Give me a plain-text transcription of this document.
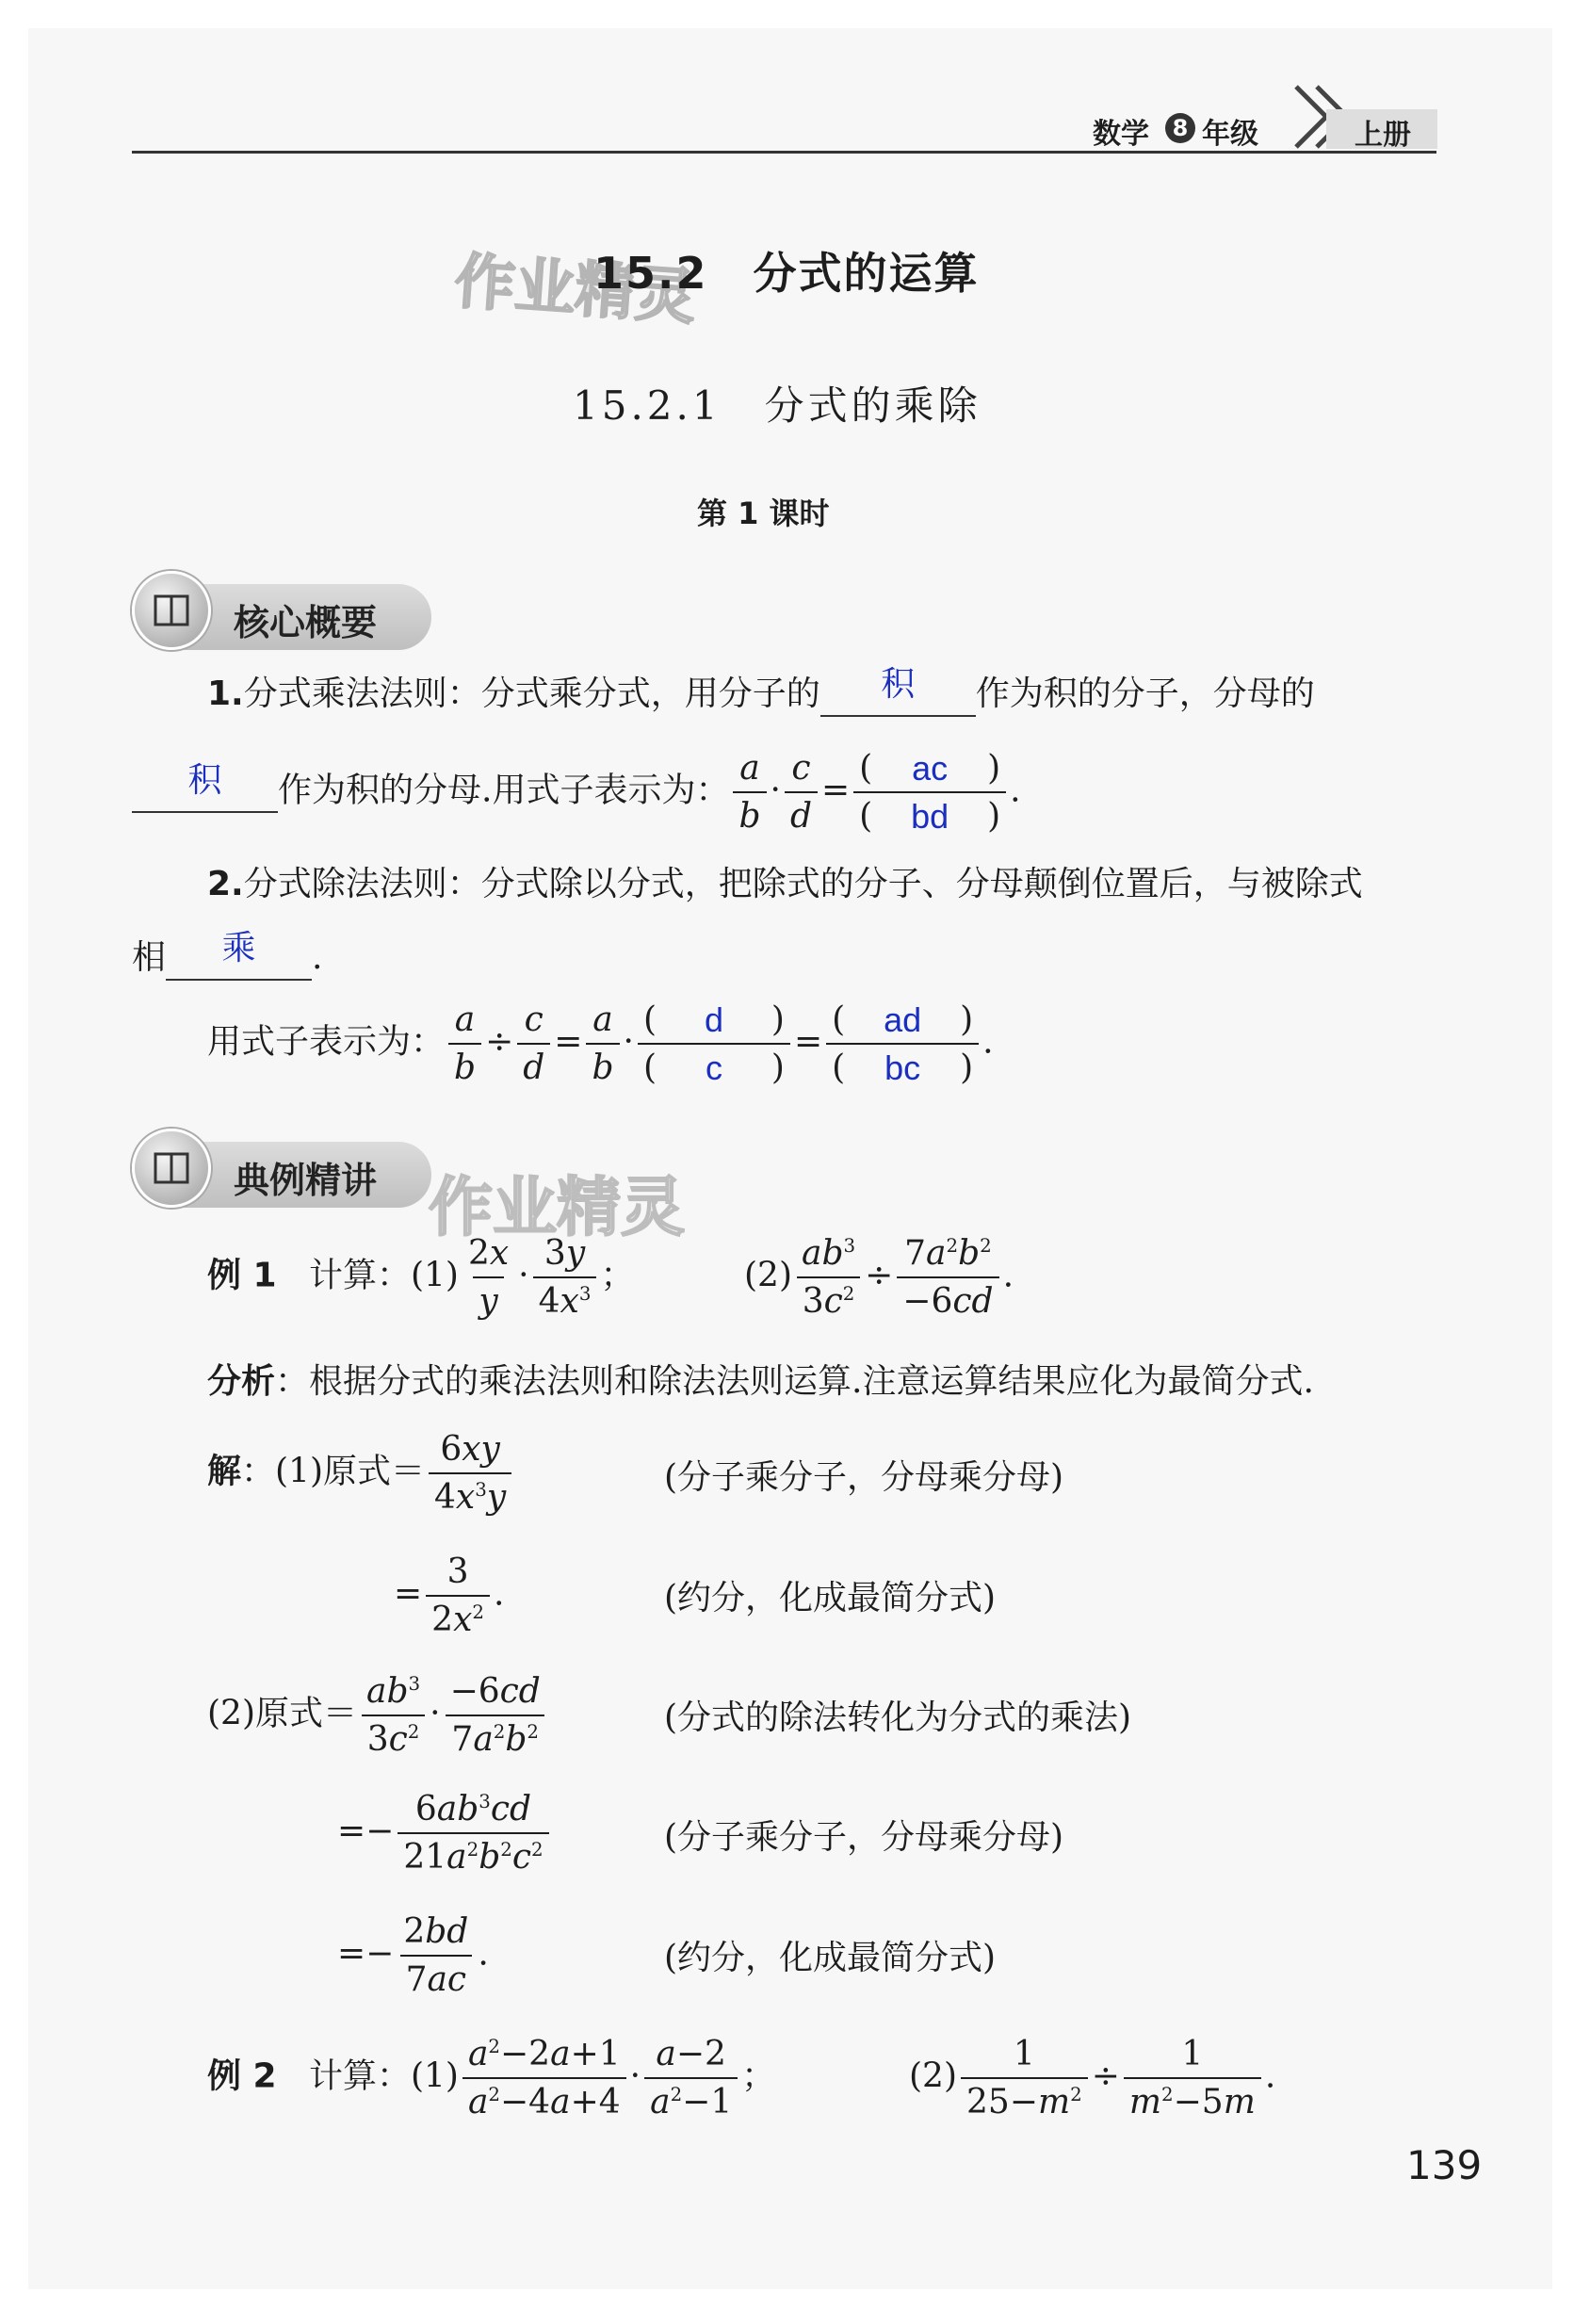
数学	8 年级	上册
作业精灵
15.2　分式的运算
15.2.1　分式的乘除
第 1 课时
核心概要
1.分式乘法法则：分式乘分式，用分子的 积 作为积的分子，分母的
积 作为积的分母.用式子表示为： $\frac{a}{b} \cdot \frac{c}{d} = \frac{( ac )}{( bd )}$ .
2.分式除法法则：分式除以分式，把除式的分子、分母颠倒位置后，与被除式
相 乘 .
用式子表示为： $\frac{a}{b} \div \frac{c}{d} = \frac{a}{b} \cdot \frac{( d )}{( c )} = \frac{( ad )}{( bc )}$ .
典例精讲 作业精灵
例 1 计算：$(1) \frac{2x}{y} \cdot \frac{3y}{4x^3}$ ；	$(2) \frac{ab^3}{3c^2} \div \frac{7a^2b^2}{-6cd}$ .
分析：根据分式的乘法法则和除法法则运算.注意运算结果应化为最简分式.
解：(1)原式＝ $\frac{6xy}{4x^3y}$	(分子乘分子，分母乘分母)
= $\frac{3}{2x^2}$ .	(约分，化成最简分式)
(2)原式＝ $\frac{ab^3}{3c^2} \cdot \frac{-6cd}{7a^2b^2}$	(分式的除法转化为分式的乘法)
=− $\frac{6ab^3cd}{21a^2b^2c^2}$	(分子乘分子，分母乘分母)
=− $\frac{2bd}{7ac}$ .	(约分，化成最简分式)
例 2 计算：$(1) \frac{a^2-2a+1}{a^2-4a+4} \cdot \frac{a-2}{a^2-1}$ ；	$(2) \frac{1}{25-m^2} \div \frac{1}{m^2-5m}$ .
139
